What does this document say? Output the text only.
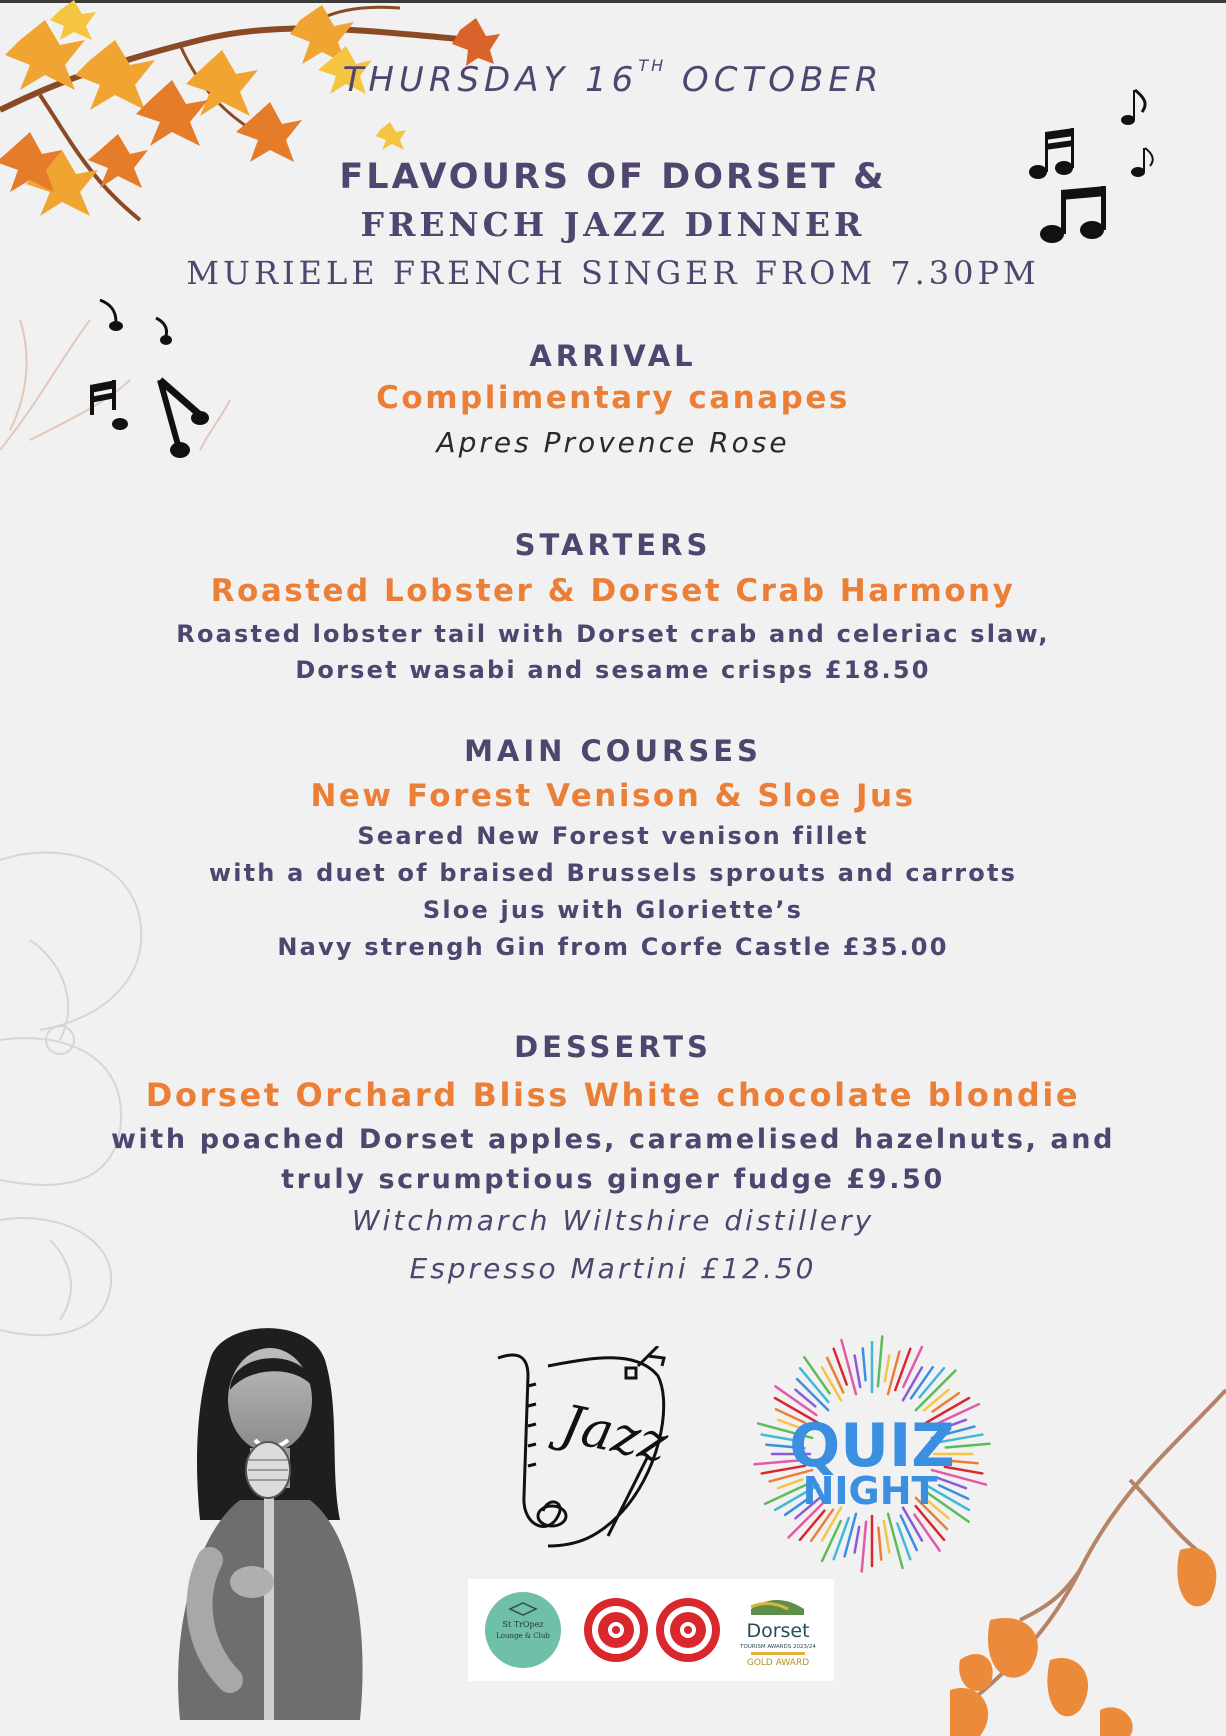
THURSDAY 16TH OCTOBER
FLAVOURS OF DORSET &
FRENCH JAZZ DINNER
MURIELE FRENCH SINGER FROM 7.30PM
ARRIVAL
Complimentary canapes
Apres Provence Rose
STARTERS
Roasted Lobster & Dorset Crab Harmony
Roasted lobster tail with Dorset crab and celeriac slaw,
Dorset wasabi and sesame crisps £18.50
MAIN COURSES
New Forest Venison & Sloe Jus
Seared New Forest venison fillet
with a duet of braised Brussels sprouts and carrots
Sloe jus with Gloriette’s
Navy strengh Gin from Corfe Castle £35.00
DESSERTS
Dorset Orchard Bliss White chocolate blondie
with poached Dorset apples, caramelised hazelnuts, and
truly scrumptious ginger fudge £9.50
Witchmarch Wiltshire distillery
Espresso Martini £12.50
Jazz QUIZ
NIGHT
St TrOpez
Lounge & Club	Dorset
TOURISM AWARDS 2023/24
GOLD AWARD
